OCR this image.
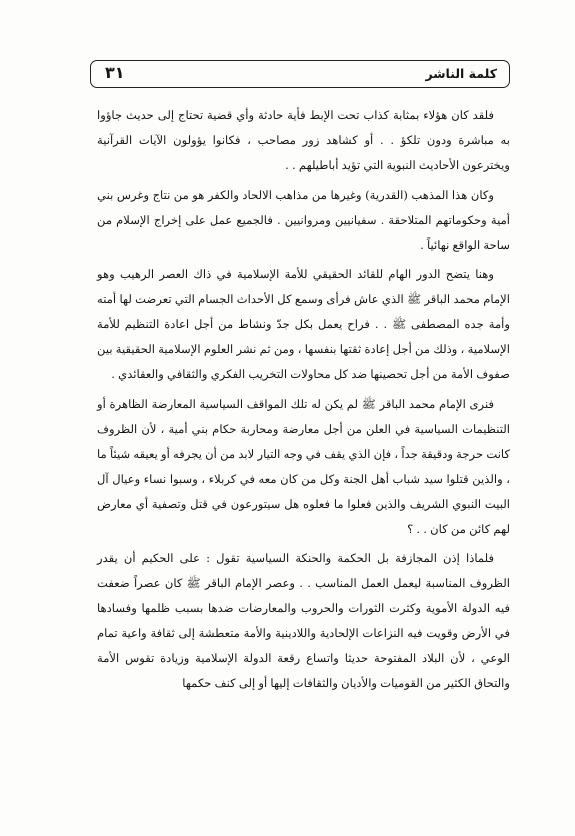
كلمة الناشر
٣١

فلقد كان هؤلاء بمثابة كذاب تحت الإبط فأية حادثة وأي قضية تحتاج إلى حديث جاؤوا به مباشرة ودون تلكؤ . . أو كشاهد زور مصاحب ، فكانوا يؤولون الآيات القرآنية ويخترعون الأحاديث النبوية التي تؤيد أباطيلهم . .

وكان هذا المذهب (القدرية) وغيرها من مذاهب الالحاد والكفر هو من نتاج وغرس بني أمية وحكوماتهم المتلاحقة . سفيانيين ومروانيين . فالجميع عمل على إخراج الإسلام من ساحة الواقع نهائياً .

وهنا يتضح الدور الهام للقائد الحقيقي للأمة الإسلامية في ذاك العصر الرهيب وهو الإمام محمد الباقر ﷺ الذي عاش فرأى وسمع كل الأحداث الجسام التي تعرضت لها أمته وأمة جده المصطفى ﷺ . . فراح يعمل بكل جدّ ونشاط من أجل اعادة التنظيم للأمة الإسلامية ، وذلك من أجل إعادة ثقتها بنفسها ، ومن ثم نشر العلوم الإسلامية الحقيقية بين صفوف الأمة من أجل تحصينها ضد كل محاولات التخريب الفكري والثقافي والعقائدي .

فنرى الإمام محمد الباقر ﷺ لم يكن له تلك المواقف السياسية المعارضة الظاهرة أو التنظيمات السياسية في العلن من أجل معارضة ومحاربة حكام بني أمية ، لأن الظروف كانت حرجة ودقيقة جداً ، فإن الذي يقف في وجه التيار لابد من أن يجرفه أو يعيقه شيئاً ما ، والذين قتلوا سيد شباب أهل الجنة وكل من كان معه في كربلاء ، وسبوا نساء وعيال آل البيت النبوي الشريف والذين فعلوا ما فعلوه هل سيتورعون في قتل وتصفية أي معارض لهم كائن من كان . . ؟

فلماذا إذن المجازفة بل الحكمة والحنكة السياسية تقول : على الحكيم أن يقدر الظروف المناسبة ليعمل العمل المناسب . . وعصر الإمام الباقر ﷺ كان عصراً ضعفت فيه الدولة الأموية وكثرت الثورات والحروب والمعارضات ضدها بسبب ظلمها وفسادها في الأرض وقويت فيه النزاعات الإلحادية واللادينية والأمة متعطشة إلى ثقافة واعية تمام الوعي ، لأن البلاد المفتوحة حديثا واتساع رقعة الدولة الإسلامية وزيادة تقوس الأمة والتحاق الكثير من القوميات والأديان والثقافات إليها أو إلى كنف حكمها
